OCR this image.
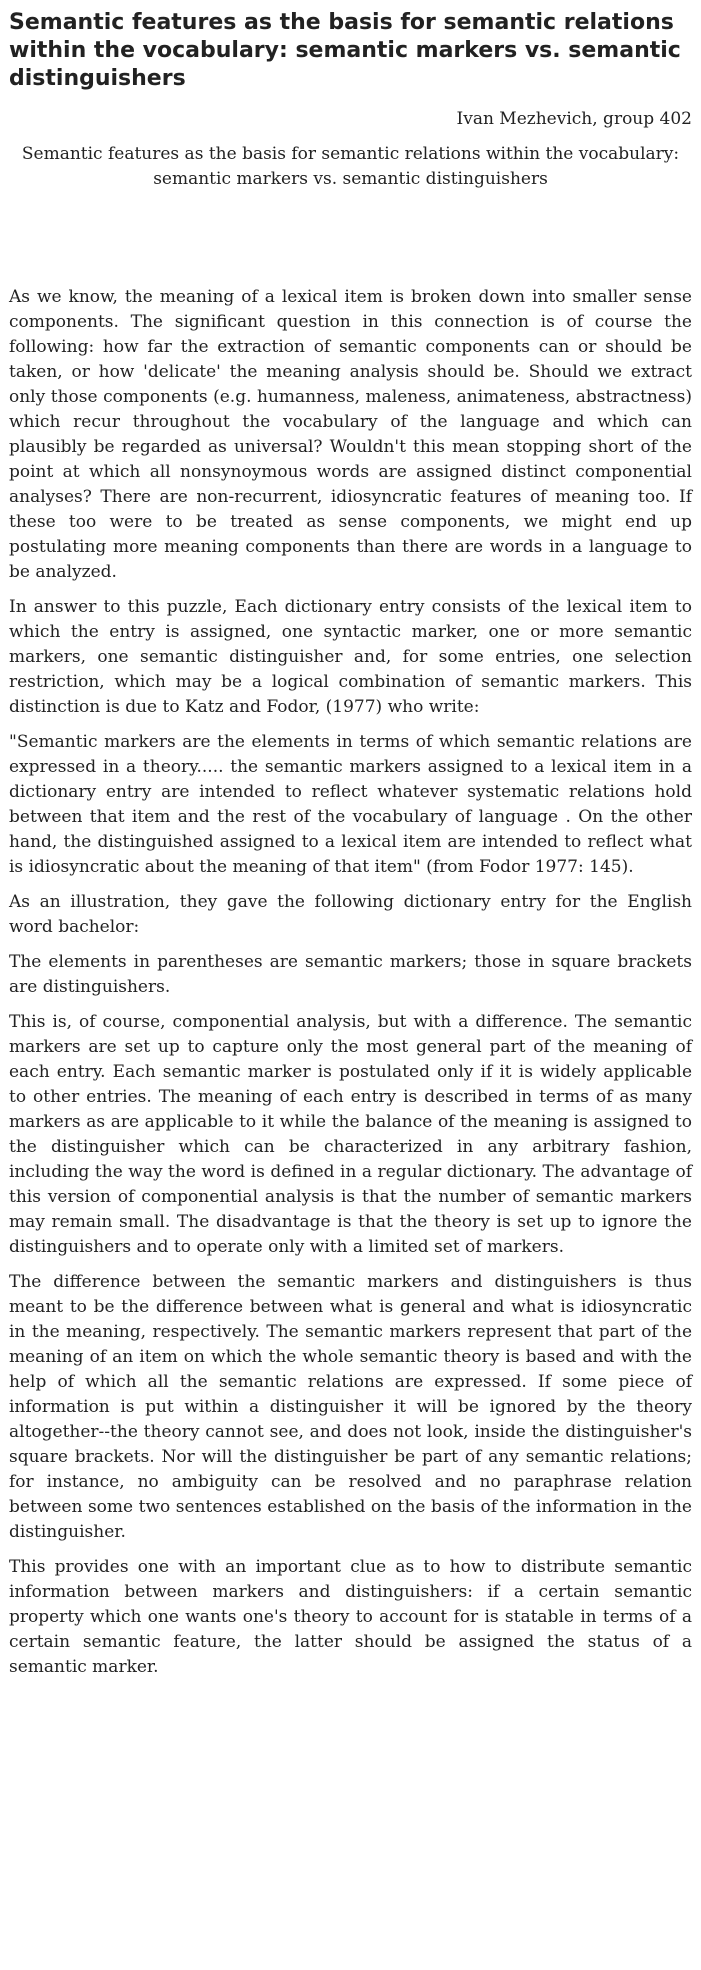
Semantic features as the basis for semantic relations within the vocabulary: semantic markers vs. semantic distinguishers
Ivan Mezhevich, group 402
Semantic features as the basis for semantic relations within the vocabulary: semantic markers vs. semantic distinguishers

As we know, the meaning of a lexical item is broken down into smaller sense components. The significant question in this connection is of course the following: how far the extraction of semantic components can or should be taken, or how 'delicate' the meaning analysis should be. Should we extract only those components (e.g. humanness, maleness, animateness, abstractness) which recur throughout the vocabulary of the language and which can plausibly be regarded as universal? Wouldn't this mean stopping short of the point at which all nonsynoymous words are assigned distinct componential analyses? There are non-recurrent, idiosyncratic features of meaning too. If these too were to be treated as sense components, we might end up postulating more meaning components than there are words in a language to be analyzed.

In answer to this puzzle, Each dictionary entry consists of the lexical item to which the entry is assigned, one syntactic marker, one or more semantic markers, one semantic distinguisher and, for some entries, one selection restriction, which may be a logical combination of semantic markers. This distinction is due to Katz and Fodor, (1977) who write:

"Semantic markers are the elements in terms of which semantic relations are expressed in a theory..... the semantic markers assigned to a lexical item in a dictionary entry are intended to reflect whatever systematic relations hold between that item and the rest of the vocabulary of language . On the other hand, the distinguished assigned to a lexical item are intended to reflect what is idiosyncratic about the meaning of that item" (from Fodor 1977: 145).

As an illustration, they gave the following dictionary entry for the English word bachelor:

The elements in parentheses are semantic markers; those in square brackets are distinguishers.

This is, of course, componential analysis, but with a difference. The semantic markers are set up to capture only the most general part of the meaning of each entry. Each semantic marker is postulated only if it is widely applicable to other entries. The meaning of each entry is described in terms of as many markers as are applicable to it while the balance of the meaning is assigned to the distinguisher which can be characterized in any arbitrary fashion, including the way the word is defined in a regular dictionary. The advantage of this version of componential analysis is that the number of semantic markers may remain small. The disadvantage is that the theory is set up to ignore the distinguishers and to operate only with a limited set of markers.

The difference between the semantic markers and distinguishers is thus meant to be the difference between what is general and what is idiosyncratic in the meaning, respectively. The semantic markers represent that part of the meaning of an item on which the whole semantic theory is based and with the help of which all the semantic relations are expressed. If some piece of information is put within a distinguisher it will be ignored by the theory altogether--the theory cannot see, and does not look, inside the distinguisher's square brackets. Nor will the distinguisher be part of any semantic relations; for instance, no ambiguity can be resolved and no paraphrase relation between some two sentences established on the basis of the information in the distinguisher.

This provides one with an important clue as to how to distribute semantic information between markers and distinguishers: if a certain semantic property which one wants one's theory to account for is statable in terms of a certain semantic feature, the latter should be assigned the status of a semantic marker.
